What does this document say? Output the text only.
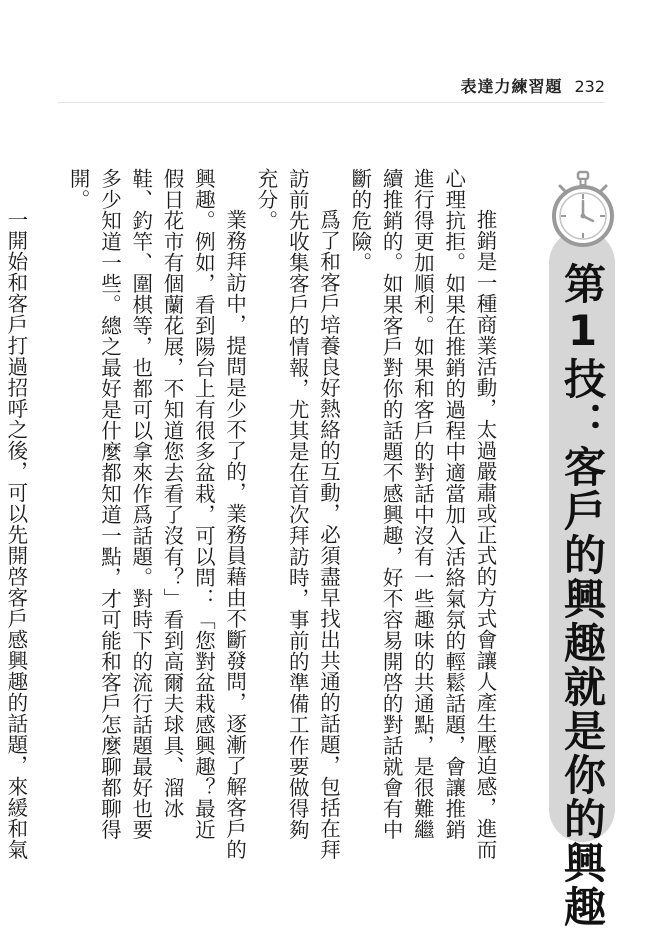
表達力練習題 232
第1技：客戶的興趣就是你的興趣

推銷是一種商業活動，太過嚴肅或正式的方式會讓人產生壓迫感，進而心理抗拒。如果在推銷的過程中適當加入活絡氣氛的輕鬆話題，會讓推銷進行得更加順利。如果和客戶的對話中沒有一些趣味的共通點，是很難繼續推銷的。如果客戶對你的話題不感興趣，好不容易開啓的對話就會有中斷的危險。

爲了和客戶培養良好熱絡的互動，必須盡早找出共通的話題，包括在拜訪前先收集客戶的情報，尤其是在首次拜訪時，事前的準備工作要做得夠充分。

業務拜訪中，提問是少不了的，業務員藉由不斷發問，逐漸了解客戶的興趣。例如，看到陽台上有很多盆栽，可以問：「您對盆栽感興趣？最近假日花市有個蘭花展，不知道您去看了沒有？」看到高爾夫球具、溜冰鞋、釣竿、圍棋等，也都可以拿來作爲話題。對時下的流行話題最好也要多少知道一些。總之最好是什麼都知道一點，才可能和客戶怎麼聊都聊得開。

一開始和客戶打過招呼之後，可以先開啓客戶感興趣的話題，來緩和氣
